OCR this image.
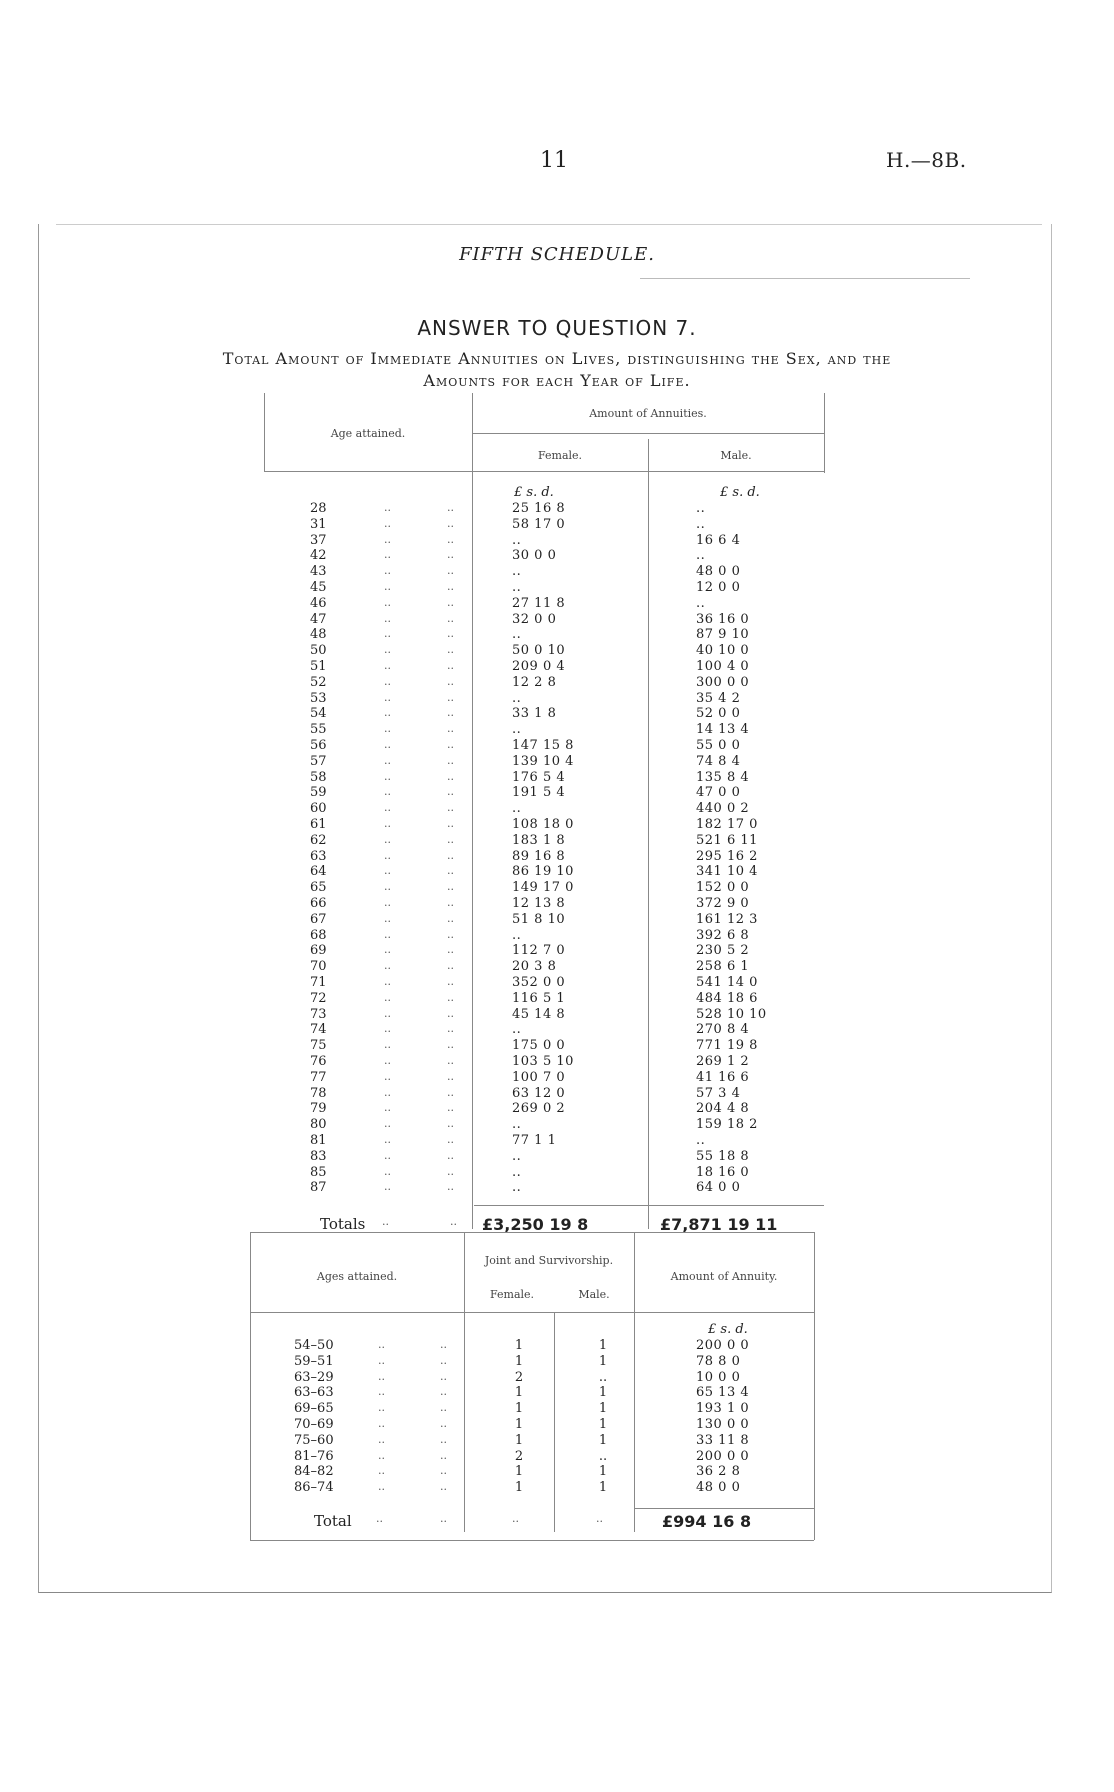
11	H.—8B.
FIFTH SCHEDULE.
ANSWER TO QUESTION 7.
Total Amount of Immediate Annuities on Lives, distinguishing the Sex, and the
Amounts for each Year of Life.
Age attained.
Amount of Annuities.
Female.	Male.
£ s. d.	£ s. d.
28	..	..	25 16 8	..
31	..	..	58 17 0	..
37	..	..	..	16 6 4
42	..	..	30 0 0	..
43	..	..	..	48 0 0
45	..	..	..	12 0 0
46	..	..	27 11 8	..
47	..	..	32 0 0	36 16 0
48	..	..	..	87 9 10
50	..	..	50 0 10	40 10 0
51	..	..	209 0 4	100 4 0
52	..	..	12 2 8	300 0 0
53	..	..	..	35 4 2
54	..	..	33 1 8	52 0 0
55	..	..	..	14 13 4
56	..	..	147 15 8	55 0 0
57	..	..	139 10 4	74 8 4
58	..	..	176 5 4	135 8 4
59	..	..	191 5 4	47 0 0
60	..	..	..	440 0 2
61	..	..	108 18 0	182 17 0
62	..	..	183 1 8	521 6 11
63	..	..	89 16 8	295 16 2
64	..	..	86 19 10	341 10 4
65	..	..	149 17 0	152 0 0
66	..	..	12 13 8	372 9 0
67	..	..	51 8 10	161 12 3
68	..	..	..	392 6 8
69	..	..	112 7 0	230 5 2
70	..	..	20 3 8	258 6 1
71	..	..	352 0 0	541 14 0
72	..	..	116 5 1	484 18 6
73	..	..	45 14 8	528 10 10
74	..	..	..	270 8 4
75	..	..	175 0 0	771 19 8
76	..	..	103 5 10	269 1 2
77	..	..	100 7 0	41 16 6
78	..	..	63 12 0	57 3 4
79	..	..	269 0 2	204 4 8
80	..	..	..	159 18 2
81	..	..	77 1 1	..
83	..	..	..	55 18 8
85	..	..	..	18 16 0
87	..	..	..	64 0 0
Totals ..	.. £3,250 19 8	£7,871 19 11
Ages attained.
Joint and Survivorship.
Female.	Male.
Amount of Annuity.
£ s. d.
54–50	..	..	1	1	200 0 0
59–51	..	..	1	1	78 8 0
63–29	..	..	2	..	10 0 0
63–63	..	..	1	1	65 13 4
69–65	..	..	1	1	193 1 0
70–69	..	..	1	1	130 0 0
75–60	..	..	1	1	33 11 8
81–76	..	..	2	..	200 0 0
84–82	..	..	1	1	36 2 8
86–74	..	..	1	1	48 0 0
Total ..	..	..	..	£994 16 8
